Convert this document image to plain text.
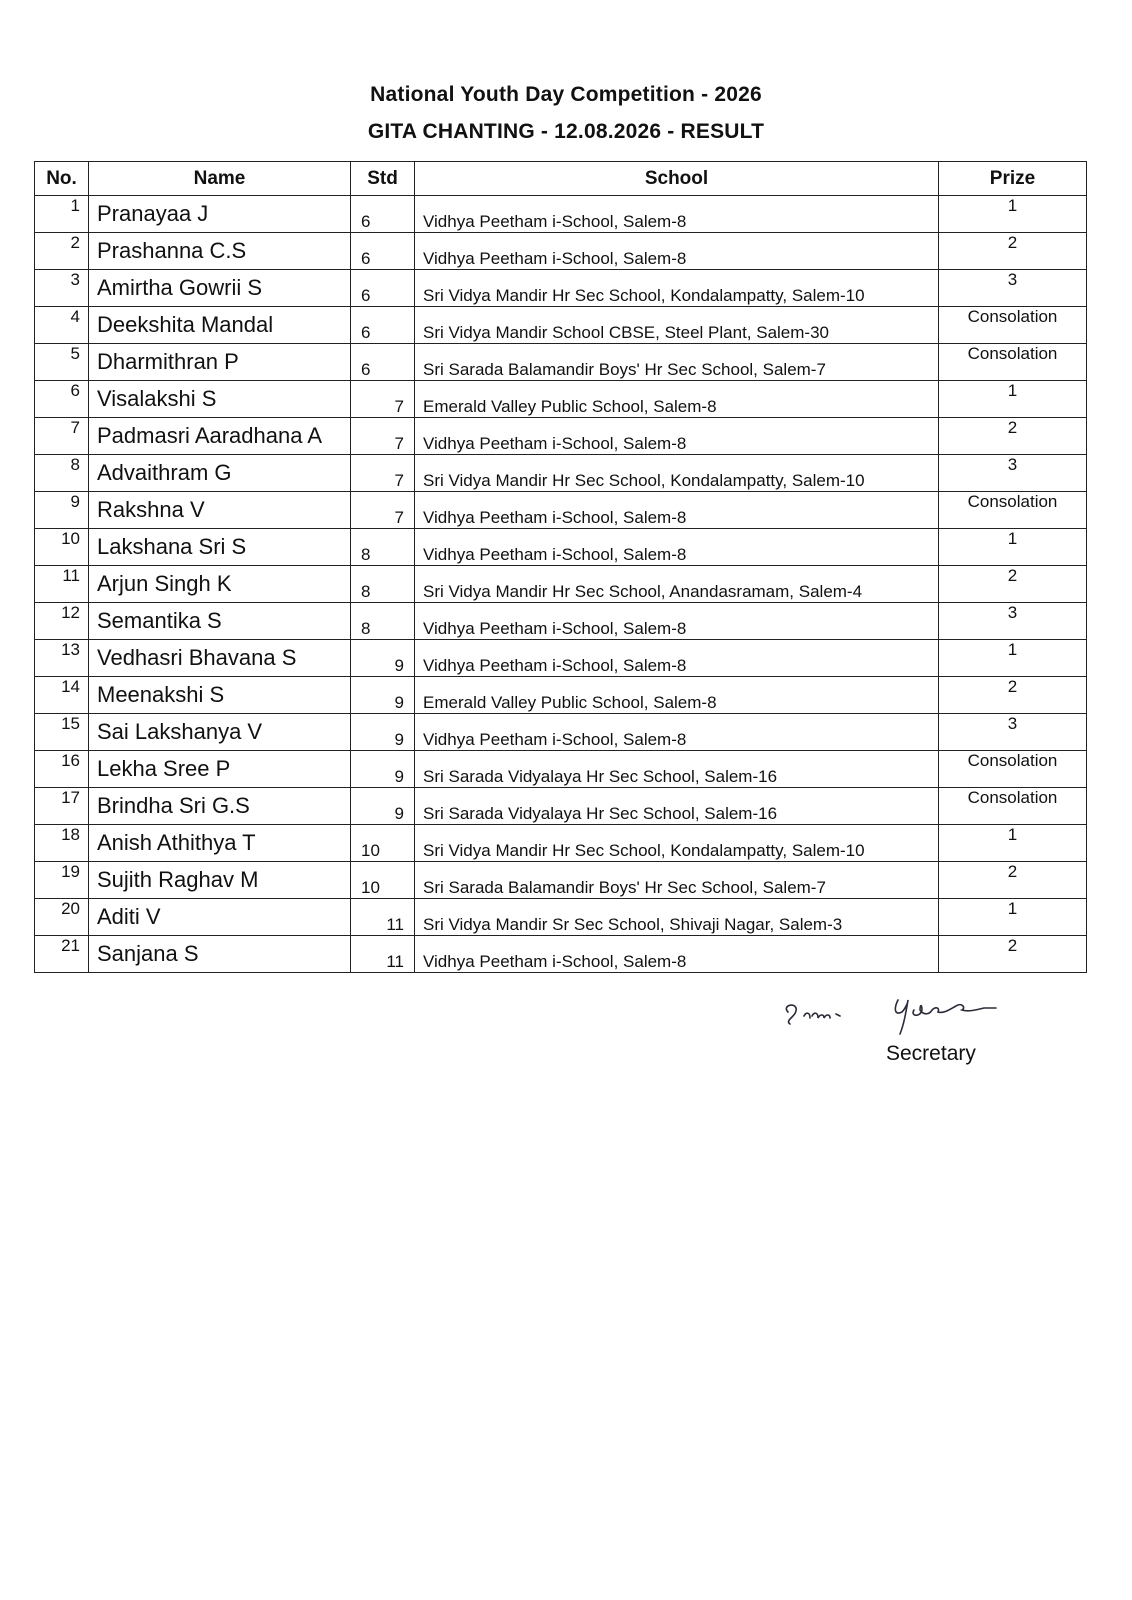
National Youth Day Competition - 2026
GITA CHANTING - 12.08.2026 - RESULT
No.	Name	Std	School	Prize
1	Pranayaa J	6	Vidhya Peetham i-School, Salem-8	1
2	Prashanna C.S	6	Vidhya Peetham i-School, Salem-8	2
3	Amirtha Gowrii S	6	Sri Vidya Mandir Hr Sec School, Kondalampatty, Salem-10	3
4	Deekshita Mandal	6	Sri Vidya Mandir School CBSE, Steel Plant, Salem-30	Consolation
5	Dharmithran P	6	Sri Sarada Balamandir Boys' Hr Sec School, Salem-7	Consolation
6	Visalakshi S	7	Emerald Valley Public School, Salem-8	1
7	Padmasri Aaradhana A	7	Vidhya Peetham i-School, Salem-8	2
8	Advaithram G	7	Sri Vidya Mandir Hr Sec School, Kondalampatty, Salem-10	3
9	Rakshna V	7	Vidhya Peetham i-School, Salem-8	Consolation
10	Lakshana Sri S	8	Vidhya Peetham i-School, Salem-8	1
11	Arjun Singh K	8	Sri Vidya Mandir Hr Sec School, Anandasramam, Salem-4	2
12	Semantika S	8	Vidhya Peetham i-School, Salem-8	3
13	Vedhasri Bhavana S	9	Vidhya Peetham i-School, Salem-8	1
14	Meenakshi S	9	Emerald Valley Public School, Salem-8	2
15	Sai Lakshanya V	9	Vidhya Peetham i-School, Salem-8	3
16	Lekha Sree P	9	Sri Sarada Vidyalaya Hr Sec School, Salem-16	Consolation
17	Brindha Sri G.S	9	Sri Sarada Vidyalaya Hr Sec School, Salem-16	Consolation
18	Anish Athithya T	10	Sri Vidya Mandir Hr Sec School, Kondalampatty, Salem-10	1
19	Sujith Raghav M	10	Sri Sarada Balamandir Boys' Hr Sec School, Salem-7	2
20	Aditi V	11	Sri Vidya Mandir Sr Sec School, Shivaji Nagar, Salem-3	1
21	Sanjana S	11	Vidhya Peetham i-School, Salem-8	2
Secretary
